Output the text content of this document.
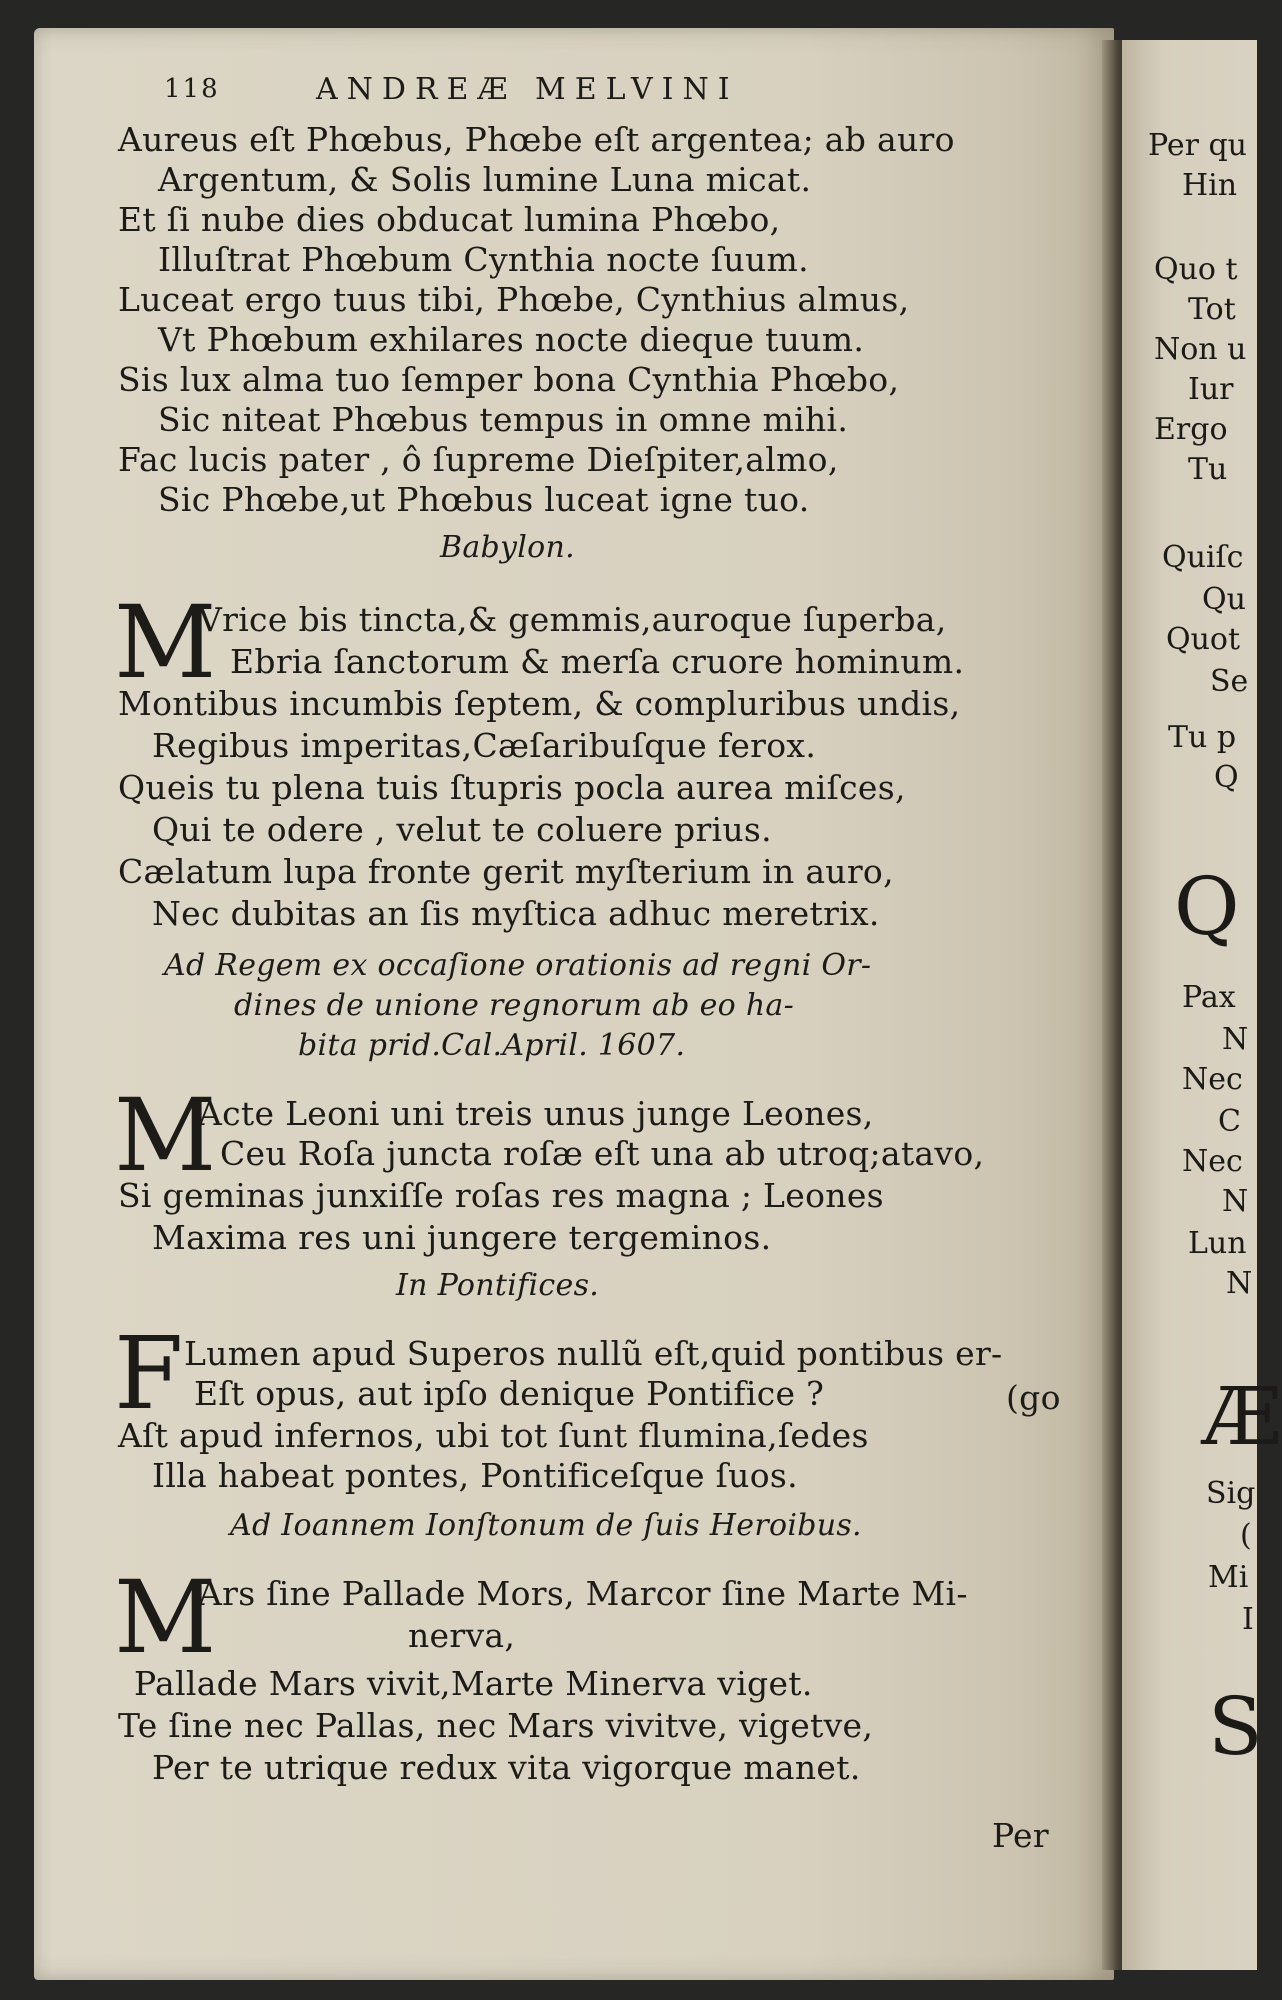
118	ANDREÆ MELVINI
Aureus eſt Phœbus, Phœbe eſt argentea; ab auro
Argentum, & Solis lumine Luna micat.
Et ſi nube dies obducat lumina Phœbo,
Illuſtrat Phœbum Cynthia nocte ſuum.
Luceat ergo tuus tibi, Phœbe, Cynthius almus,
Vt Phœbum exhilares nocte dieque tuum.
Sis lux alma tuo ſemper bona Cynthia Phœbo,
Sic niteat Phœbus tempus in omne mihi.
Fac lucis pater , ô ſupreme Dieſpiter,almo,
Sic Phœbe,ut Phœbus luceat igne tuo.
Babylon.
M
Vrice bis tincta,& gemmis,auroque ſuperba,
Ebria ſanctorum & merſa cruore hominum.
Montibus incumbis ſeptem, & compluribus undis,
Regibus imperitas,Cæſaribuſque ferox.
Queis tu plena tuis ſtupris pocla aurea miſces,
Qui te odere , velut te coluere prius.
Cælatum lupa fronte gerit myſterium in auro,
Nec dubitas an ſis myſtica adhuc meretrix.
Ad Regem ex occaſione orationis ad regni Or-
dines de unione regnorum ab eo ha-
bita prid.Cal.April. 1607.
M
Acte Leoni uni treis unus junge Leones,
Ceu Roſa juncta roſæ eſt una ab utroq;atavo,
Si geminas junxiſſe roſas res magna ; Leones
Maxima res uni jungere tergeminos.
In Pontifices.
F Lumen apud Superos nullũ eſt,quid pontibus er-
Eſt opus, aut ipſo denique Pontifice ?	(go
Aſt apud infernos, ubi tot ſunt flumina,ſedes
Illa habeat pontes, Pontificeſque ſuos.
Ad Ioannem Ionſtonum de ſuis Heroibus.
M
Ars ſine Pallade Mors, Marcor ſine Marte Mi-
nerva,
Pallade Mars vivit,Marte Minerva viget.
Te ſine nec Pallas, nec Mars vivitve, vigetve,
Per te utrique redux vita vigorque manet.
Per
Per qu
Hin
Quo t
Tot
Non u
Iur
Ergo
Tu
Quiſc
Qu
Quot
Se
Tu p
Q
Q
Pax
N
Nec
C
Nec
N
Lun
N
Æ
Sig
(
Mi
I
S
